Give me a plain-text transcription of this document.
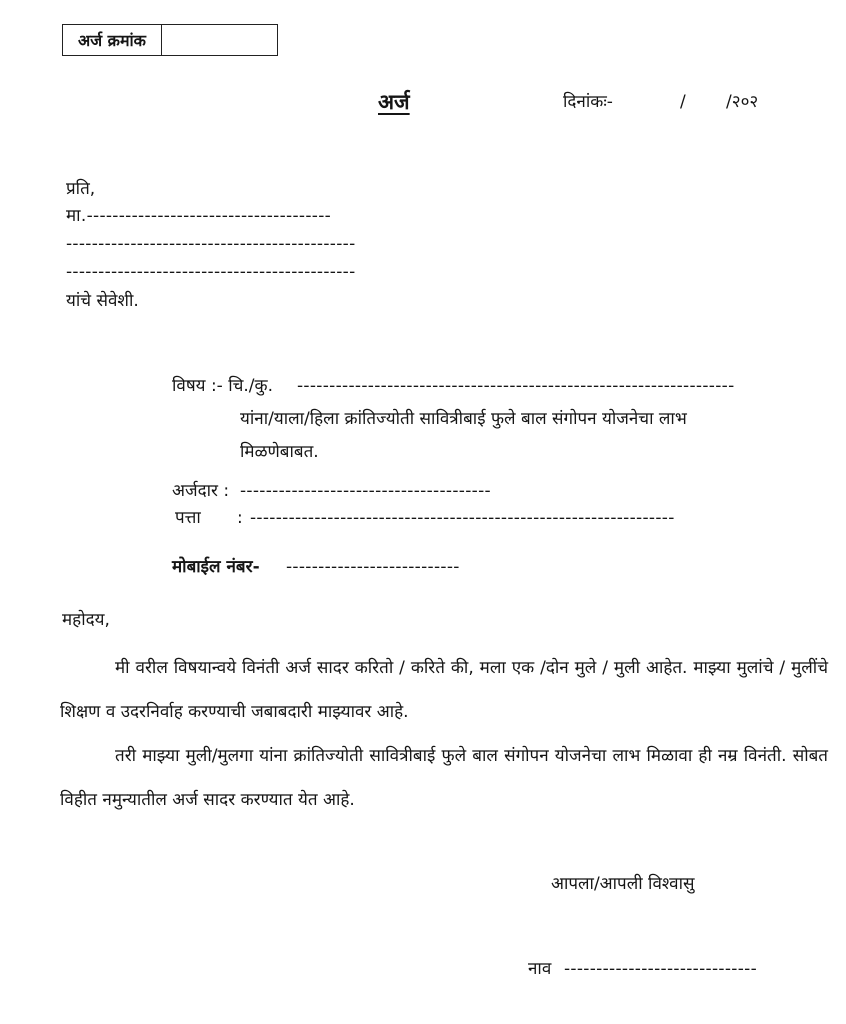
अर्ज क्रमांक
अर्ज	दिनांकः-	/ /२०२
प्रति,
मा.--------------------------------------
---------------------------------------------
---------------------------------------------
यांचे सेवेशी.
विषय :- चि./कु. --------------------------------------------------------------------
यांना/याला/हिला क्रांतिज्योती सावित्रीबाई फुले बाल संगोपन योजनेचा लाभ
मिळणेबाबत.
अर्जदार : ---------------------------------------
पत्ता : ------------------------------------------------------------------
मोबाईल नंबर- ---------------------------
महोदय,
मी वरील विषयान्वये विनंती अर्ज सादर करितो / करिते की, मला एक /दोन मुले / मुली आहेत. माझ्या मुलांचे / मुलींचे शिक्षण व उदरनिर्वाह करण्याची जबाबदारी माझ्यावर आहे.
तरी माझ्या मुली/मुलगा यांना क्रांतिज्योती सावित्रीबाई फुले बाल संगोपन योजनेचा लाभ मिळावा ही नम्र विनंती. सोबत विहीत नमुन्यातील अर्ज सादर करण्यात येत आहे.
आपला/आपली विश्वासु
नाव ------------------------------
